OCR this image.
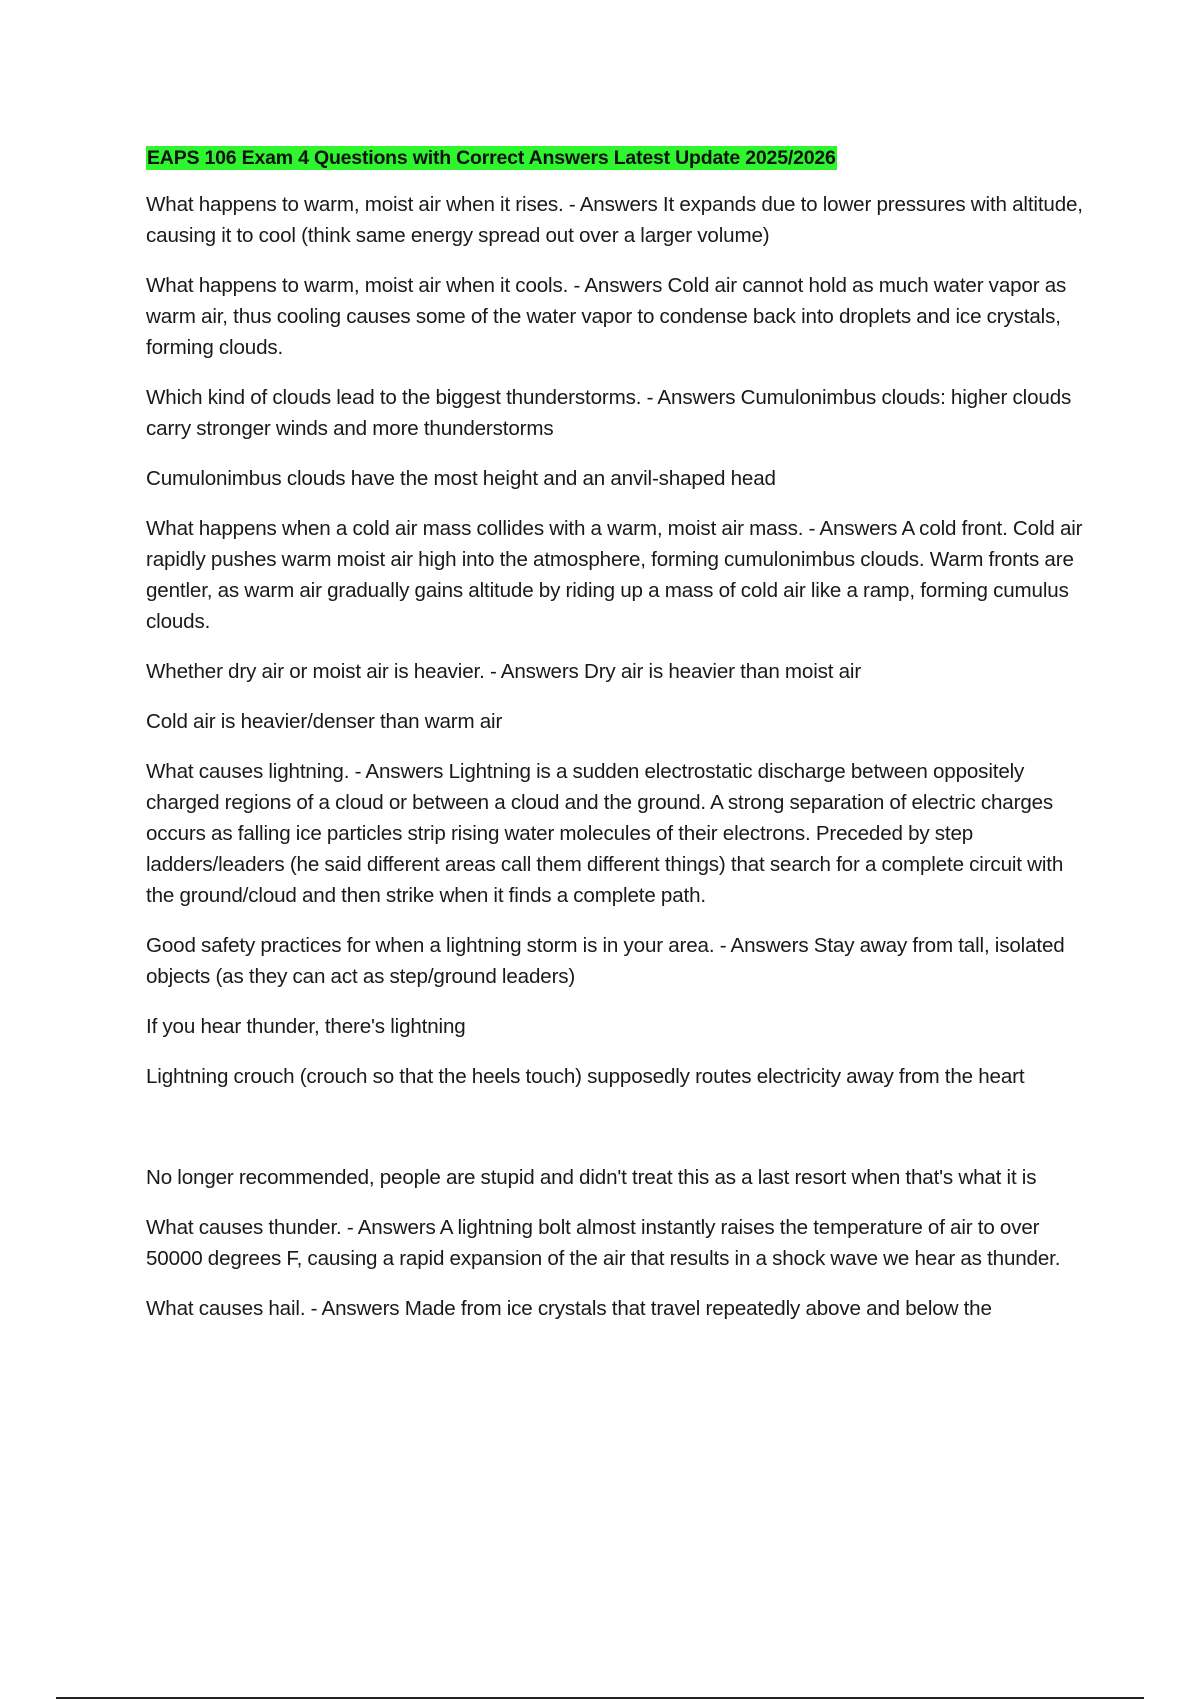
EAPS 106 Exam 4 Questions with Correct Answers Latest Update 2025/2026

What happens to warm, moist air when it rises. - Answers It expands due to lower pressures with altitude, causing it to cool (think same energy spread out over a larger volume)

What happens to warm, moist air when it cools. - Answers Cold air cannot hold as much water vapor as warm air, thus cooling causes some of the water vapor to condense back into droplets and ice crystals, forming clouds.

Which kind of clouds lead to the biggest thunderstorms. - Answers Cumulonimbus clouds: higher clouds carry stronger winds and more thunderstorms

Cumulonimbus clouds have the most height and an anvil-shaped head

What happens when a cold air mass collides with a warm, moist air mass. - Answers A cold front. Cold air rapidly pushes warm moist air high into the atmosphere, forming cumulonimbus clouds. Warm fronts are gentler, as warm air gradually gains altitude by riding up a mass of cold air like a ramp, forming cumulus clouds.

Whether dry air or moist air is heavier. - Answers Dry air is heavier than moist air

Cold air is heavier/denser than warm air

What causes lightning. - Answers Lightning is a sudden electrostatic discharge between oppositely charged regions of a cloud or between a cloud and the ground. A strong separation of electric charges occurs as falling ice particles strip rising water molecules of their electrons. Preceded by step ladders/leaders (he said different areas call them different things) that search for a complete circuit with the ground/cloud and then strike when it finds a complete path.

Good safety practices for when a lightning storm is in your area. - Answers Stay away from tall, isolated objects (as they can act as step/ground leaders)

If you hear thunder, there's lightning

Lightning crouch (crouch so that the heels touch) supposedly routes electricity away from the heart

No longer recommended, people are stupid and didn't treat this as a last resort when that's what it is

What causes thunder. - Answers A lightning bolt almost instantly raises the temperature of air to over 50000 degrees F, causing a rapid expansion of the air that results in a shock wave we hear as thunder.

What causes hail. - Answers Made from ice crystals that travel repeatedly above and below the
